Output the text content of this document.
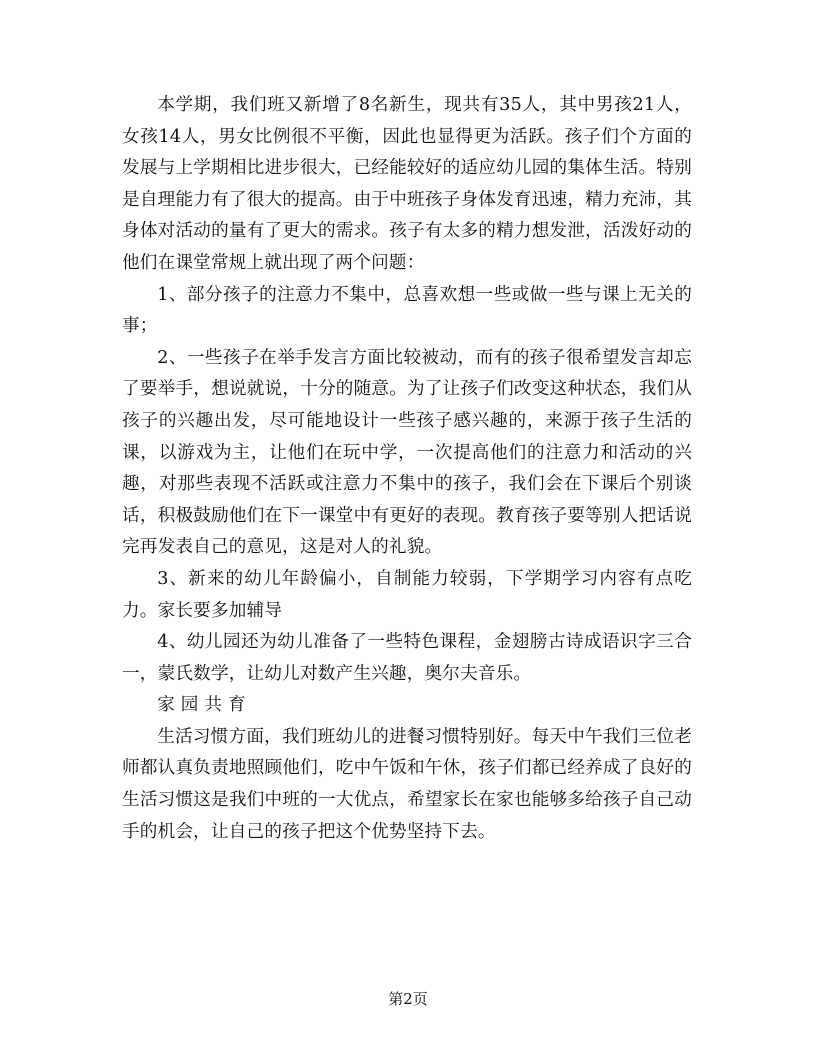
本学期，我们班又新增了8名新生，现共有35人，其中男孩21人，女孩14人，男女比例很不平衡，因此也显得更为活跃。孩子们个方面的发展与上学期相比进步很大，已经能较好的适应幼儿园的集体生活。特别是自理能力有了很大的提高。由于中班孩子身体发育迅速，精力充沛，其身体对活动的量有了更大的需求。孩子有太多的精力想发泄，活泼好动的他们在课堂常规上就出现了两个问题：

1、部分孩子的注意力不集中，总喜欢想一些或做一些与课上无关的事；

2、一些孩子在举手发言方面比较被动，而有的孩子很希望发言却忘了要举手，想说就说，十分的随意。为了让孩子们改变这种状态，我们从孩子的兴趣出发，尽可能地设计一些孩子感兴趣的，来源于孩子生活的课，以游戏为主，让他们在玩中学，一次提高他们的注意力和活动的兴趣，对那些表现不活跃或注意力不集中的孩子，我们会在下课后个别谈话，积极鼓励他们在下一课堂中有更好的表现。教育孩子要等别人把话说完再发表自己的意见，这是对人的礼貌。

3、新来的幼儿年龄偏小，自制能力较弱，下学期学习内容有点吃力。家长要多加辅导

4、幼儿园还为幼儿准备了一些特色课程，金翅膀古诗成语识字三合一，蒙氏数学，让幼儿对数产生兴趣，奥尔夫音乐。

家园共育

生活习惯方面，我们班幼儿的进餐习惯特别好。每天中午我们三位老师都认真负责地照顾他们，吃中午饭和午休，孩子们都已经养成了良好的生活习惯这是我们中班的一大优点，希望家长在家也能够多给孩子自己动手的机会，让自己的孩子把这个优势坚持下去。

第2页
